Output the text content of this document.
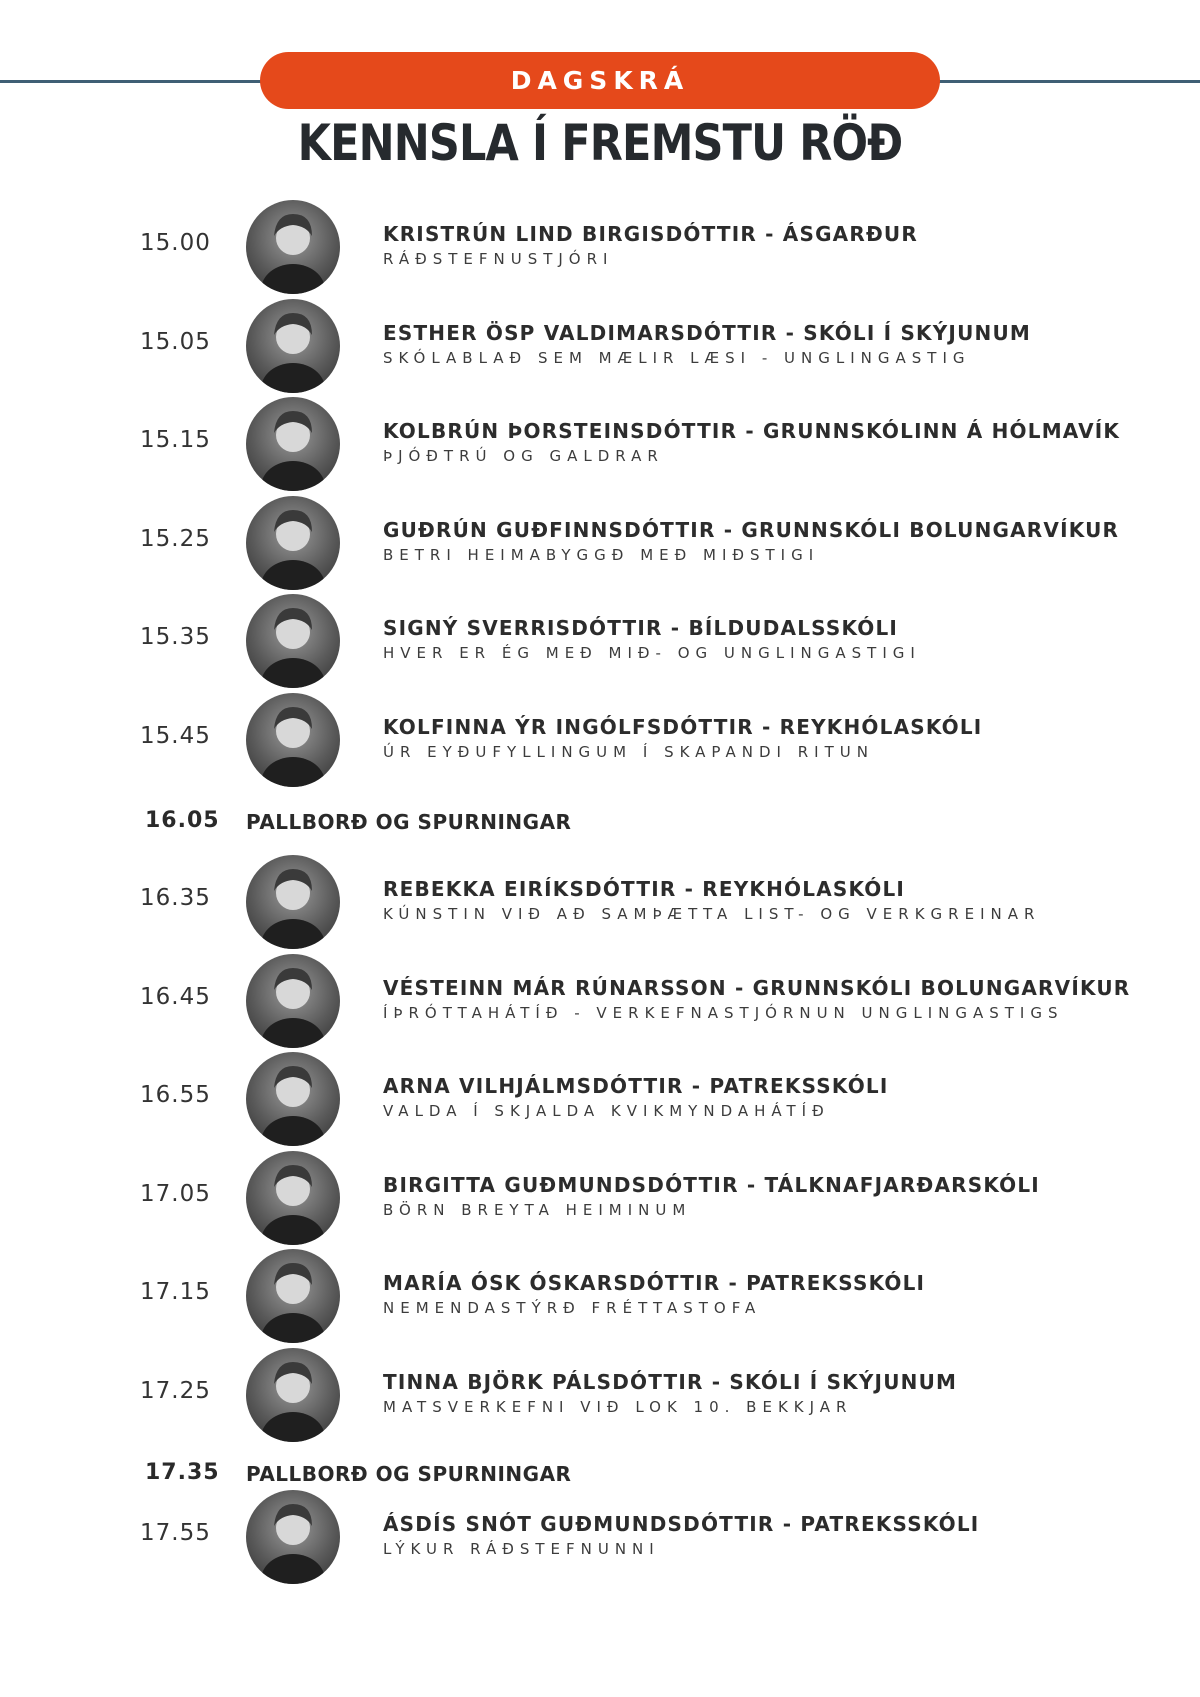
DAGSKRÁ
KENNSLA Í FREMSTU RÖÐ
15.00	KRISTRÚN LIND BIRGISDÓTTIR - ÁSGARÐUR
RÁÐSTEFNUSTJÓRI
15.05	ESTHER ÖSP VALDIMARSDÓTTIR - SKÓLI Í SKÝJUNUM
SKÓLABLAÐ SEM MÆLIR LÆSI - UNGLINGASTIG
15.15	KOLBRÚN ÞORSTEINSDÓTTIR - GRUNNSKÓLINN Á HÓLMAVÍK
ÞJÓÐTRÚ OG GALDRAR
15.25	GUÐRÚN GUÐFINNSDÓTTIR - GRUNNSKÓLI BOLUNGARVÍKUR
BETRI HEIMABYGGÐ MEÐ MIÐSTIGI
15.35	SIGNÝ SVERRISDÓTTIR - BÍLDUDALSSKÓLI
HVER ER ÉG MEÐ MIÐ- OG UNGLINGASTIGI
15.45	KOLFINNA ÝR INGÓLFSDÓTTIR - REYKHÓLASKÓLI
ÚR EYÐUFYLLINGUM Í SKAPANDI RITUN
16.05 PALLBORÐ OG SPURNINGAR
16.35	REBEKKA EIRÍKSDÓTTIR - REYKHÓLASKÓLI
KÚNSTIN VIÐ AÐ SAMÞÆTTA LIST- OG VERKGREINAR
16.45	VÉSTEINN MÁR RÚNARSSON - GRUNNSKÓLI BOLUNGARVÍKUR
ÍÞRÓTTAHÁTÍÐ - VERKEFNASTJÓRNUN UNGLINGASTIGS
16.55	ARNA VILHJÁLMSDÓTTIR - PATREKSSKÓLI
VALDA Í SKJALDA KVIKMYNDAHÁTÍÐ
17.05	BIRGITTA GUÐMUNDSDÓTTIR - TÁLKNAFJARÐARSKÓLI
BÖRN BREYTA HEIMINUM
17.15	MARÍA ÓSK ÓSKARSDÓTTIR - PATREKSSKÓLI
NEMENDASTÝRÐ FRÉTTASTOFA
17.25	TINNA BJÖRK PÁLSDÓTTIR - SKÓLI Í SKÝJUNUM
MATSVERKEFNI VIÐ LOK 10. BEKKJAR
17.35 PALLBORÐ OG SPURNINGAR
17.55	ÁSDÍS SNÓT GUÐMUNDSDÓTTIR - PATREKSSKÓLI
LÝKUR RÁÐSTEFNUNNI
